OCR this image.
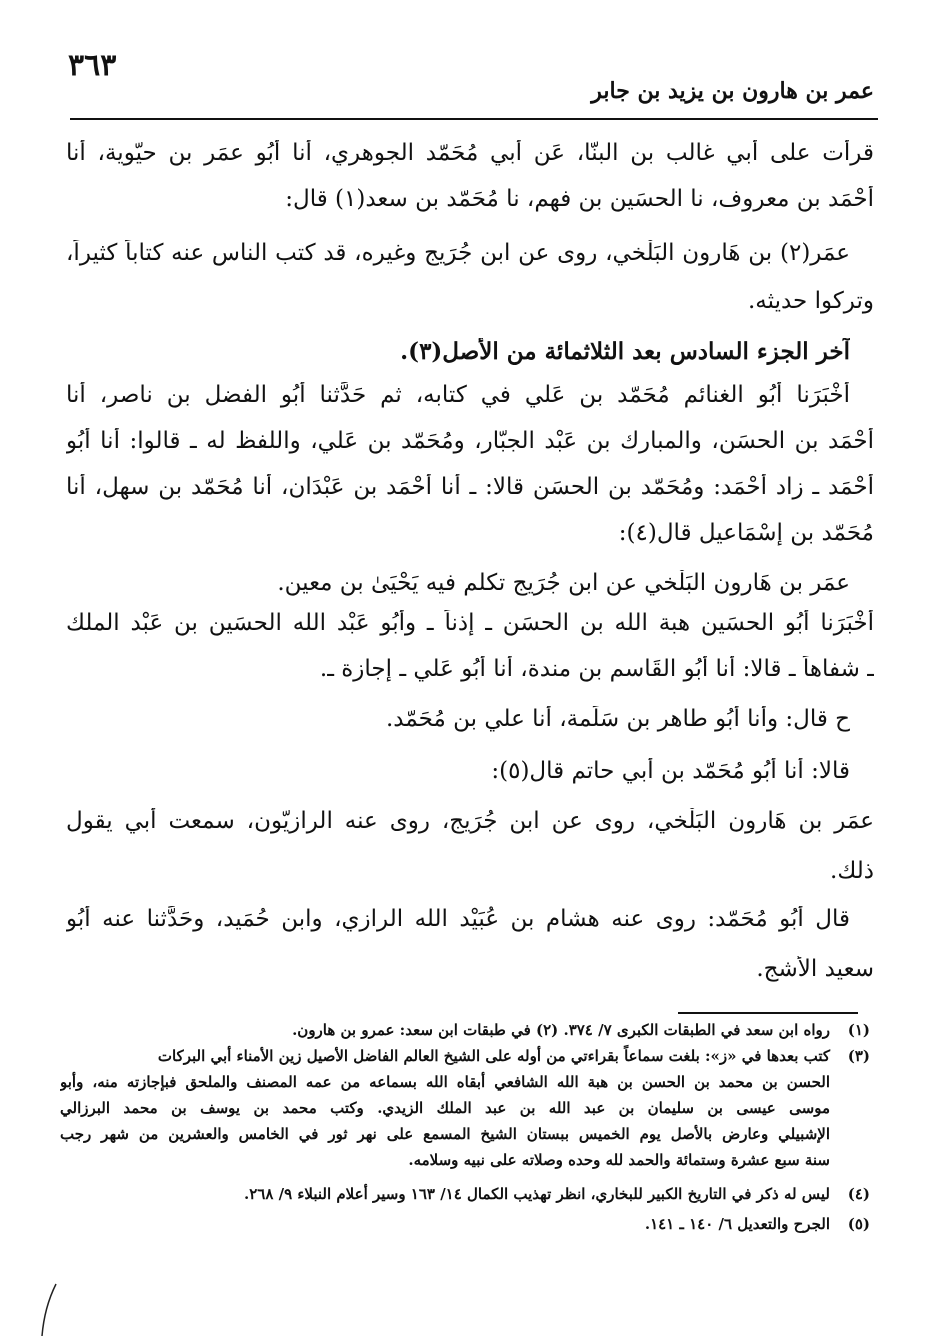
٣٦٣
عمر بن هارون بن يزيد بن جابر
قرأت على أَبي غالب بن البنّا، عَن أَبي مُحَمّد الجوهري، أنا أَبُو عمَر بن حيّوية، أنا
أَحْمَد بن معروف، نا الحسَين بن فهم، نا مُحَمّد بن سعد(١) قال:
عمَر(٢) بن هَارون البَلْخي، روى عن ابن جُرَيج وغيره، قد كتب الناس عنه كتاباً كثيراً،
وتركوا حديثه.
آخر الجزء السادس بعد الثلاثمائة من الأصل(٣).
أَخْبَرَنا أَبُو الغنائم مُحَمّد بن عَلي في كتابه، ثم حَدَّثنا أَبُو الفضل بن ناصر، أنا
أَحْمَد بن الحسَن، والمبارك بن عَبْد الجبّار، ومُحَمّد بن عَلي، واللفظ له ـ قالوا: أنا أَبُو
أَحْمَد ـ زاد أَحْمَد: ومُحَمّد بن الحسَن قالا: ـ أنا أَحْمَد بن عَبْدَان، أنا مُحَمّد بن سهل، أنا
مُحَمّد بن إسْمَاعيل قال(٤):
عمَر بن هَارون البَلْخي عن ابن جُرَيج تكلم فيه يَحْيَىٰ بن معين.
أَخْبَرَنا أَبُو الحسَين هبة الله بن الحسَن ـ إذناً ـ وأَبُو عَبْد الله الحسَين بن عَبْد الملك
ـ شفاهاً ـ قالا: أنا أَبُو القَاسم بن مندة، أنا أَبُو عَلي ـ إجازة ـ.
ح قال: وأنا أَبُو طاهر بن سَلَمة، أنا علي بن مُحَمّد.
قالا: أنا أَبُو مُحَمّد بن أَبي حاتم قال(٥):
عمَر بن هَارون البَلْخي، روى عن ابن جُرَيج، روى عنه الرازيّون، سمعت أَبي يقول
ذلك.
قال أَبُو مُحَمّد: روى عنه هشام بن عُبَيْد الله الرازي، وابن حُمَيد، وحَدَّثنا عنه أَبُو
سعيد الأشج.
(١)رواه ابن سعد في الطبقات الكبرى ٧/ ٣٧٤. (٢) في طبقات ابن سعد: عمرو بن هارون.
(٣)كتب بعدها في «ز»: بلغت سماعاً بقراءتي من أوله على الشيخ العالم الفاضل الأصيل زين الأمناء أبي البركات
الحسن بن محمد بن الحسن بن هبة الله الشافعي أبقاه الله بسماعه من عمه المصنف والملحق فبإجازته منه، وأبو
موسى عيسى بن سليمان بن عبد الله بن عبد الملك الزيدي. وكتب محمد بن يوسف بن محمد البرزالي
الإشبيلي وعارض بالأصل يوم الخميس ببستان الشيخ المسمع على نهر ثور في الخامس والعشرين من شهر رجب
سنة سبع عشرة وستمائة والحمد لله وحده وصلاته على نبيه وسلامه.
(٤)ليس له ذكر في التاريخ الكبير للبخاري، انظر تهذيب الكمال ١٤/ ١٦٣ وسير أعلام النبلاء ٩/ ٢٦٨.
(٥)الجرح والتعديل ٦/ ١٤٠ ـ ١٤١.
